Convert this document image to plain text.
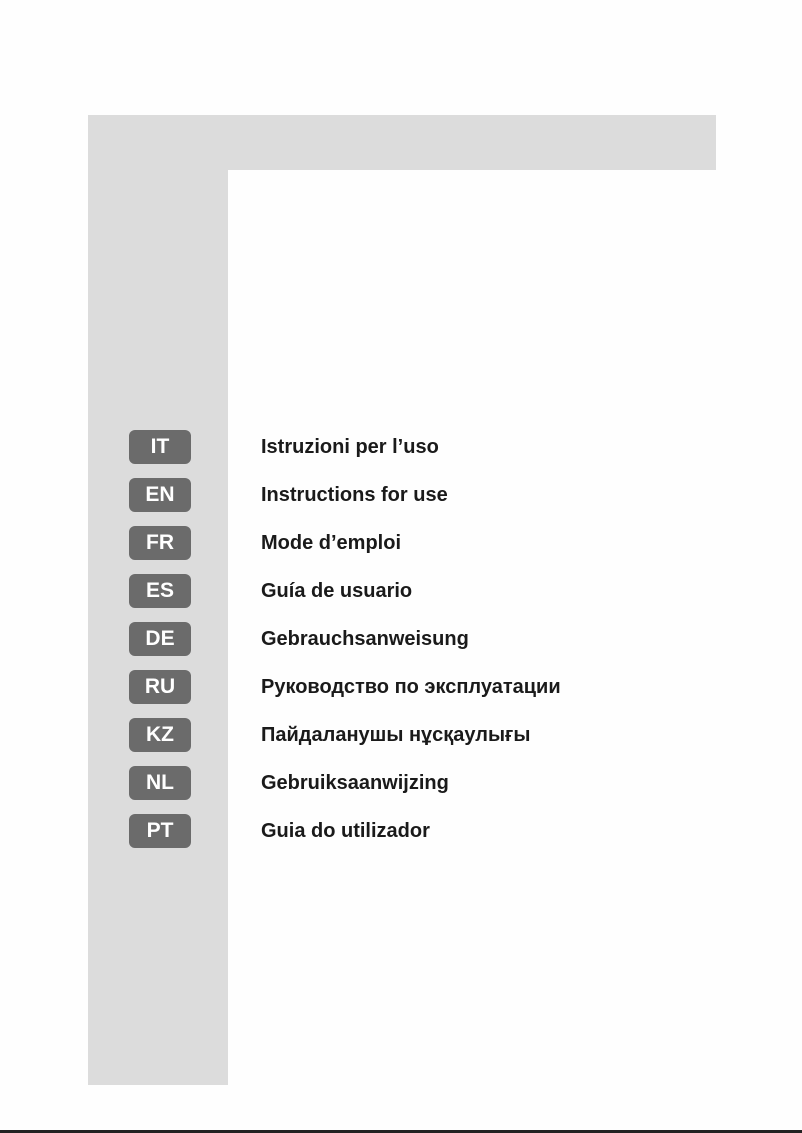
IT	Istruzioni per l’uso
EN	Instructions for use
FR	Mode d’emploi
ES	Guía de usuario
DE	Gebrauchsanweisung
RU	Руководство по эксплуатации
KZ	Пайдаланушы нұсқаулығы
NL	Gebruiksaanwijzing
PT	Guia do utilizador
